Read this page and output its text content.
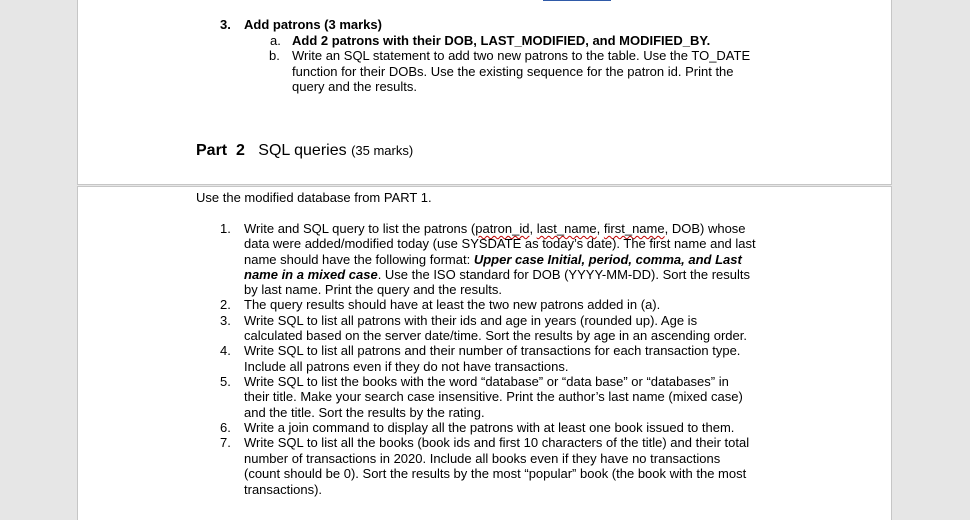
3. Add patrons (3 marks)
a. Add 2 patrons with their DOB, LAST_MODIFIED, and MODIFIED_BY.
b. Write an SQL statement to add two new patrons to the table. Use the TO_DATE
function for their DOBs. Use the existing sequence for the patron id. Print the
query and the results.
Part 2 SQL queries (35 marks)
Use the modified database from PART 1.
1. Write and SQL query to list the patrons (patron_id, last_name, first_name, DOB) whose
data were added/modified today (use SYSDATE as today’s date). The first name and last
name should have the following format: Upper case Initial, period, comma, and Last
name in a mixed case. Use the ISO standard for DOB (YYYY-MM-DD). Sort the results
by last name. Print the query and the results.
2. The query results should have at least the two new patrons added in (a).
3. Write SQL to list all patrons with their ids and age in years (rounded up). Age is
calculated based on the server date/time. Sort the results by age in an ascending order.
4. Write SQL to list all patrons and their number of transactions for each transaction type.
Include all patrons even if they do not have transactions.
5. Write SQL to list the books with the word “database” or “data base” or “databases” in
their title. Make your search case insensitive. Print the author’s last name (mixed case)
and the title. Sort the results by the rating.
6. Write a join command to display all the patrons with at least one book issued to them.
7. Write SQL to list all the books (book ids and first 10 characters of the title) and their total
number of transactions in 2020. Include all books even if they have no transactions
(count should be 0). Sort the results by the most “popular” book (the book with the most
transactions).
